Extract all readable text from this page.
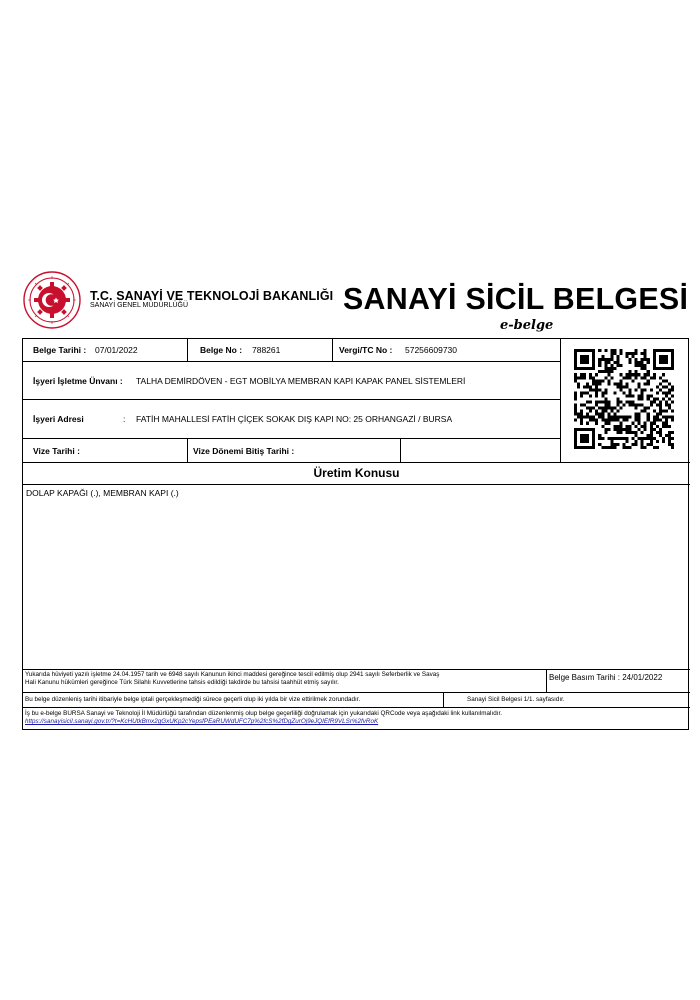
T.C. SANAYİ VE TEKNOLOJİ BAKANLIĞI
SANAYİ GENEL MÜDÜRLÜĞÜ	SANAYİ SİCİL BELGESİ
e-belge
Belge Tarihi : 07/01/2022	Belge No : 788261	Vergi/TC No : 57256609730
İşyeri İşletme Ünvanı : TALHA DEMİRDÖVEN - EGT MOBİLYA MEMBRAN KAPI KAPAK PANEL SİSTEMLERİ
İşyeri Adresi	: FATİH MAHALLESİ FATİH ÇİÇEK SOKAK DIŞ KAPI NO: 25 ORHANGAZİ / BURSA
Vize Tarihi :	Vize Dönemi Bitiş Tarihi :
Üretim Konusu
DOLAP KAPAĞI (.), MEMBRAN KAPI (.)
Yukarıda hüviyeti yazılı işletme 24.04.1957 tarih ve 6948 sayılı Kanunun ikinci maddesi gereğince tescil edilmiş olup 2941 sayılı Seferberlik ve Savaş
Hali Kanunu hükümleri gereğince Türk Silahlı Kuvvetlerine tahsis edildiği takdirde bu tahsisi taahhüt etmiş sayılır.
Belge Basım Tarihi : 24/01/2022
Bu belge düzenleniş tarihi itibariyle belge iptali gerçekleşmediği sürece geçerli olup iki yılda bir vize ettirilmek zorundadır.	Sanayi Sicil Belgesi 1/1. sayfasıdır.
İş bu e-belge BURSA Sanayi ve Teknoloji İl Müdürlüğü tarafından düzenlenmiş olup belge geçerliliği doğrulamak için yukarıdaki QRCode veya aşağıdaki link kullanılmalıdır.
https://sanayisicil.sanayi.gov.tr/?t=KcHUtkBmx2gGxUKp2cYepsfPEaRUWdUFC7p%2fcS%2fDgZurOj9eJQIEfR9VLSr%2fvRoK
